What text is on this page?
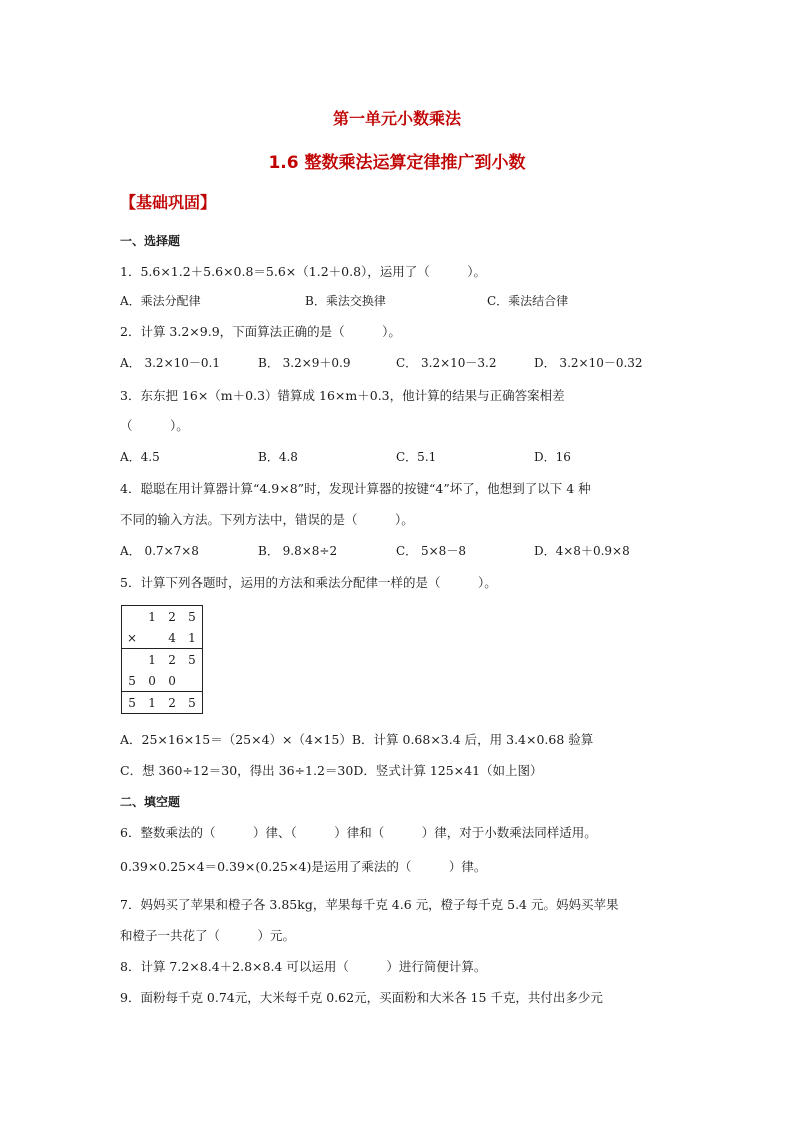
第一单元小数乘法
1.6 整数乘法运算定律推广到小数
【基础巩固】
一、选择题
1．5.6×1.2＋5.6×0.8＝5.6×（1.2＋0.8），运用了（　　　）。
A．乘法分配律	B．乘法交换律	C．乘法结合律
2．计算 3.2×9.9，下面算法正确的是（　　　）。
A． 3.2×10－0.1	B． 3.2×9＋0.9	C． 3.2×10－3.2	D． 3.2×10－0.32
3．东东把 16×（m＋0.3）错算成 16×m＋0.3，他计算的结果与正确答案相差
（　　　）。
A．4.5	B．4.8	C．5.1	D．16
4．聪聪在用计算器计算“4.9×8”时，发现计算器的按键“4”坏了，他想到了以下 4 种
不同的输入方法。下列方法中，错误的是（　　　）。
A． 0.7×7×8	B． 9.8×8÷2	C． 5×8－8	D．4×8＋0.9×8
5．计算下列各题时，运用的方法和乘法分配律一样的是（　　　）。
	1	2	5
×		4	1
	1	2	5
5	0	0	
5	1	2	5
A．25×16×15＝（25×4）×（4×15）B．计算 0.68×3.4 后，用 3.4×0.68 验算
C．想 360÷12＝30，得出 36÷1.2＝30D．竖式计算 125×41（如上图）
二、填空题
6．整数乘法的（　　　）律、（　　　）律和（　　　）律，对于小数乘法同样适用。
0.39×0.25×4＝0.39×(0.25×4)是运用了乘法的（　　　）律。
7．妈妈买了苹果和橙子各 3.85kg，苹果每千克 4.6 元，橙子每千克 5.4 元。妈妈买苹果
和橙子一共花了（　　　）元。
8．计算 7.2×8.4＋2.8×8.4 可以运用（　　　）进行简便计算。
9．面粉每千克 0.74元，大米每千克 0.62元，买面粉和大米各 15 千克，共付出多少元
